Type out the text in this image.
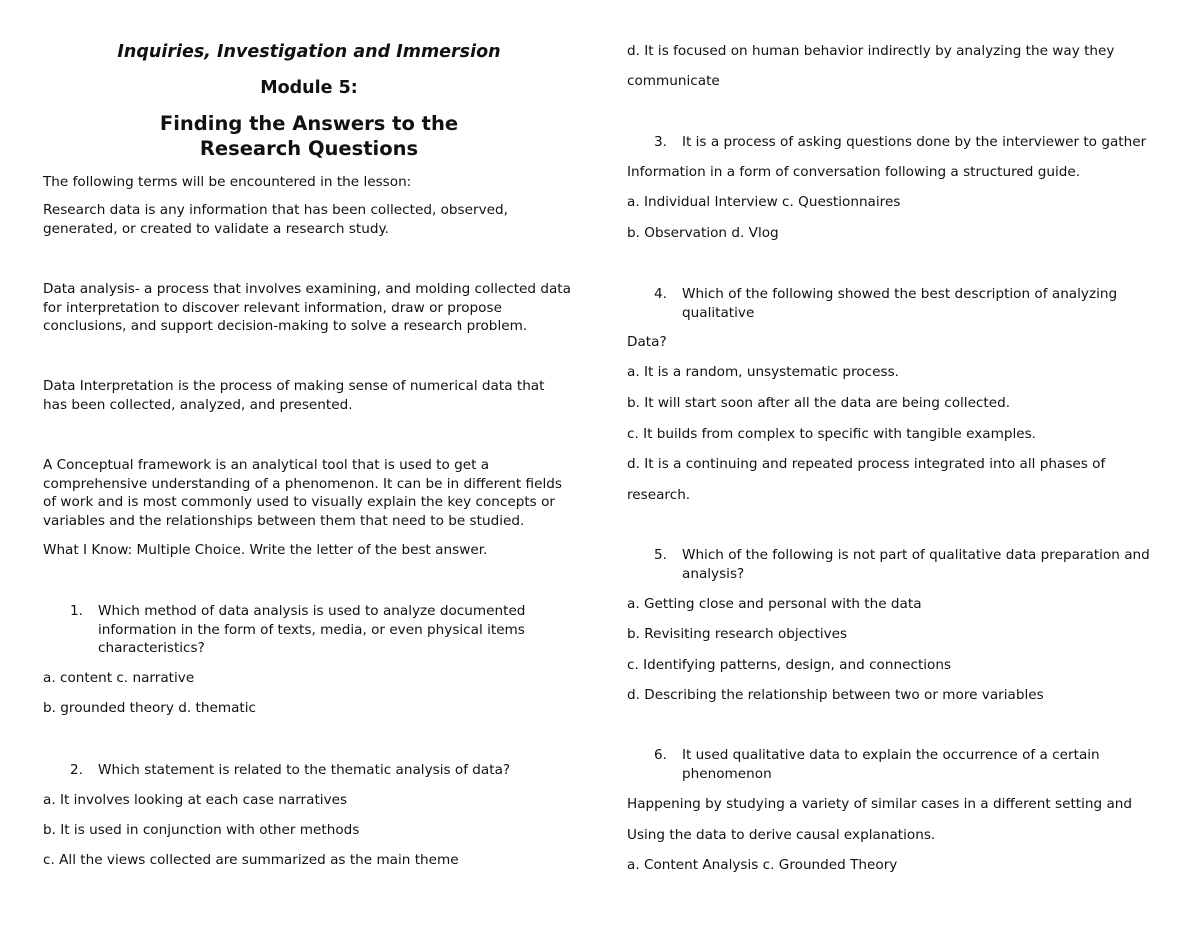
Inquiries, Investigation and Immersion

Module 5:

Finding the Answers to the
Research Questions

The following terms will be encountered in the lesson:

Research data is any information that has been collected, observed, generated, or created to validate a research study.

Data analysis- a process that involves examining, and molding collected data for interpretation to discover relevant information, draw or propose conclusions, and support decision-making to solve a research problem.

Data Interpretation is the process of making sense of numerical data that has been collected, analyzed, and presented.

A Conceptual framework is an analytical tool that is used to get a comprehensive understanding of a phenomenon. It can be in different fields of work and is most commonly used to visually explain the key concepts or variables and the relationships between them that need to be studied.

What I Know: Multiple Choice. Write the letter of the best answer.

1. Which method of data analysis is used to analyze documented information in the form of texts, media, or even physical items characteristics?

a. content c. narrative

b. grounded theory d. thematic

2. Which statement is related to the thematic analysis of data?

a. It involves looking at each case narratives

b. It is used in conjunction with other methods

c. All the views collected are summarized as the main theme

d. It is focused on human behavior indirectly by analyzing the way they

communicate

3. It is a process of asking questions done by the interviewer to gather

Information in a form of conversation following a structured guide.

a. Individual Interview c. Questionnaires

b. Observation d. Vlog

4. Which of the following showed the best description of analyzing qualitative

Data?

a. It is a random, unsystematic process.

b. It will start soon after all the data are being collected.

c. It builds from complex to specific with tangible examples.

d. It is a continuing and repeated process integrated into all phases of

research.

5. Which of the following is not part of qualitative data preparation and analysis?

a. Getting close and personal with the data

b. Revisiting research objectives

c. Identifying patterns, design, and connections

d. Describing the relationship between two or more variables

6. It used qualitative data to explain the occurrence of a certain phenomenon

Happening by studying a variety of similar cases in a different setting and

Using the data to derive causal explanations.

a. Content Analysis c. Grounded Theory
